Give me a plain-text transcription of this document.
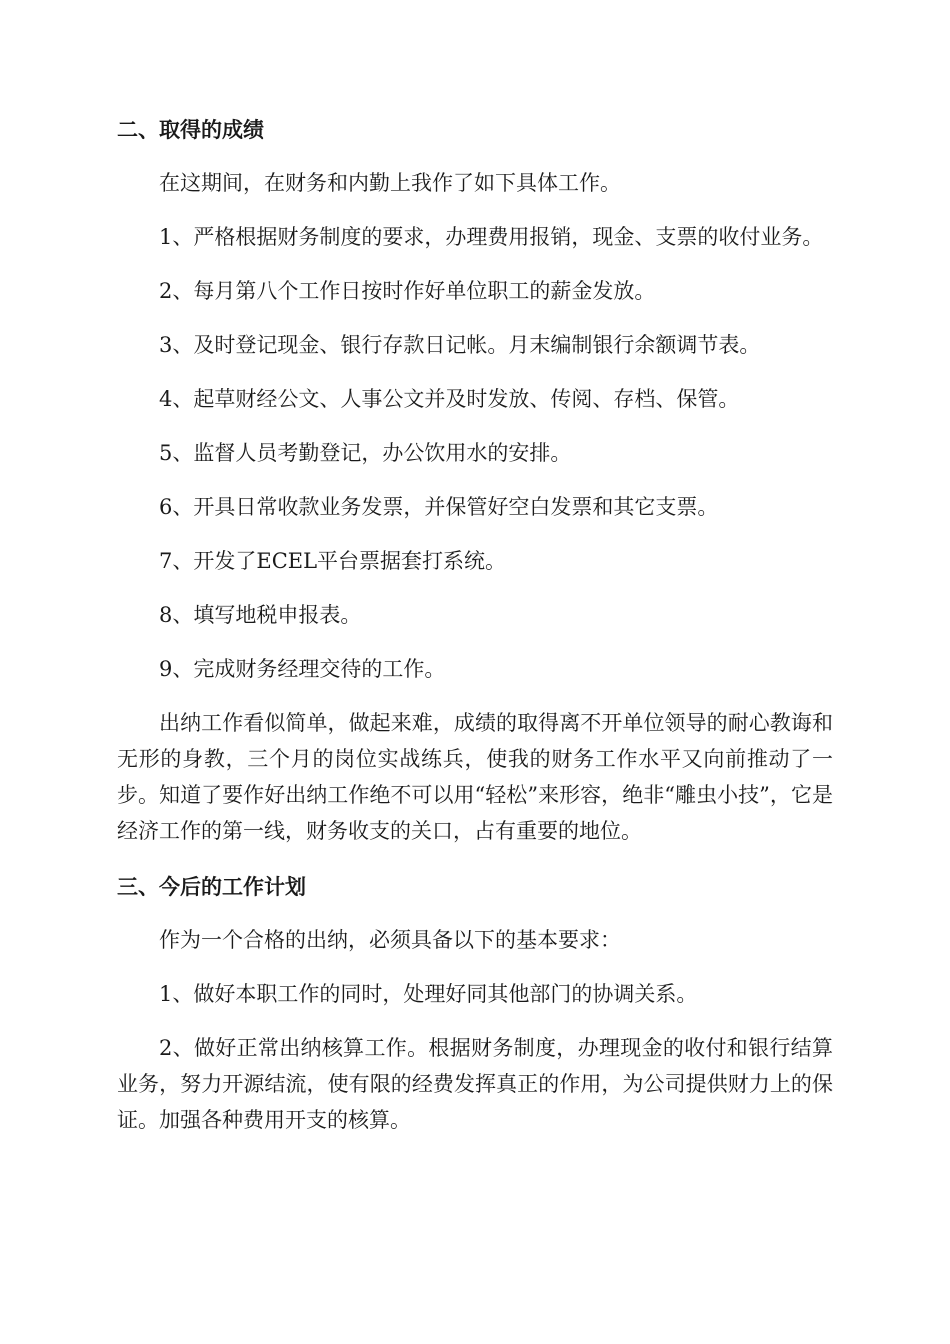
二、取得的成绩

在这期间，在财务和内勤上我作了如下具体工作。

1、严格根据财务制度的要求，办理费用报销，现金、支票的收付业务。

2、每月第八个工作日按时作好单位职工的薪金发放。

3、及时登记现金、银行存款日记帐。月末编制银行余额调节表。

4、起草财经公文、人事公文并及时发放、传阅、存档、保管。

5、监督人员考勤登记，办公饮用水的安排。

6、开具日常收款业务发票，并保管好空白发票和其它支票。

7、开发了ECEL平台票据套打系统。

8、填写地税申报表。

9、完成财务经理交待的工作。

出纳工作看似简单，做起来难，成绩的取得离不开单位领导的耐心教诲和无形的身教，三个月的岗位实战练兵，使我的财务工作水平又向前推动了一步。知道了要作好出纳工作绝不可以用“轻松”来形容，绝非“雕虫小技”，它是经济工作的第一线，财务收支的关口，占有重要的地位。

三、今后的工作计划

作为一个合格的出纳，必须具备以下的基本要求：

1、做好本职工作的同时，处理好同其他部门的协调关系。

2、做好正常出纳核算工作。根据财务制度，办理现金的收付和银行结算业务，努力开源结流，使有限的经费发挥真正的作用，为公司提供财力上的保证。加强各种费用开支的核算。
